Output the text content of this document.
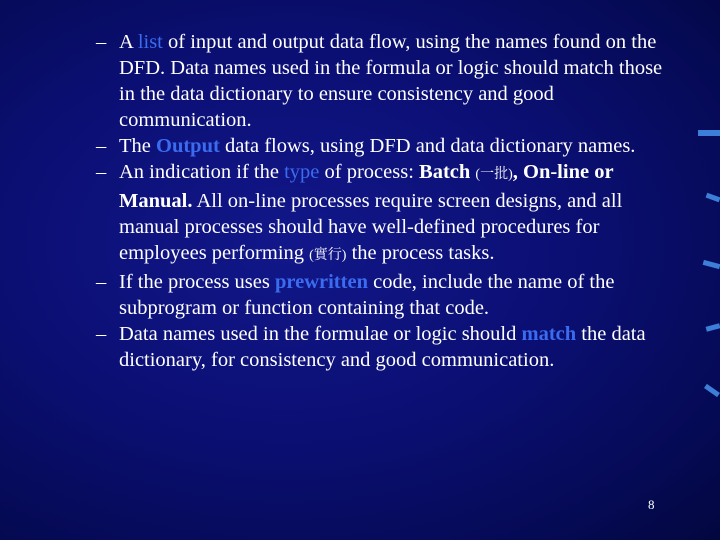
– A list of input and output data flow, using the names found on the DFD. Data names used in the formula or logic should match those in the data dictionary to ensure consistency and good communication.
– The Output data flows, using DFD and data dictionary names.
– An indication if the type of process: Batch (一批), On-line or Manual. All on-line processes require screen designs, and all manual processes should have well-defined procedures for employees performing (實行) the process tasks.
– If the process uses prewritten code, include the name of the subprogram or function containing that code.
– Data names used in the formulae or logic should match the data dictionary, for consistency and good communication.
8
